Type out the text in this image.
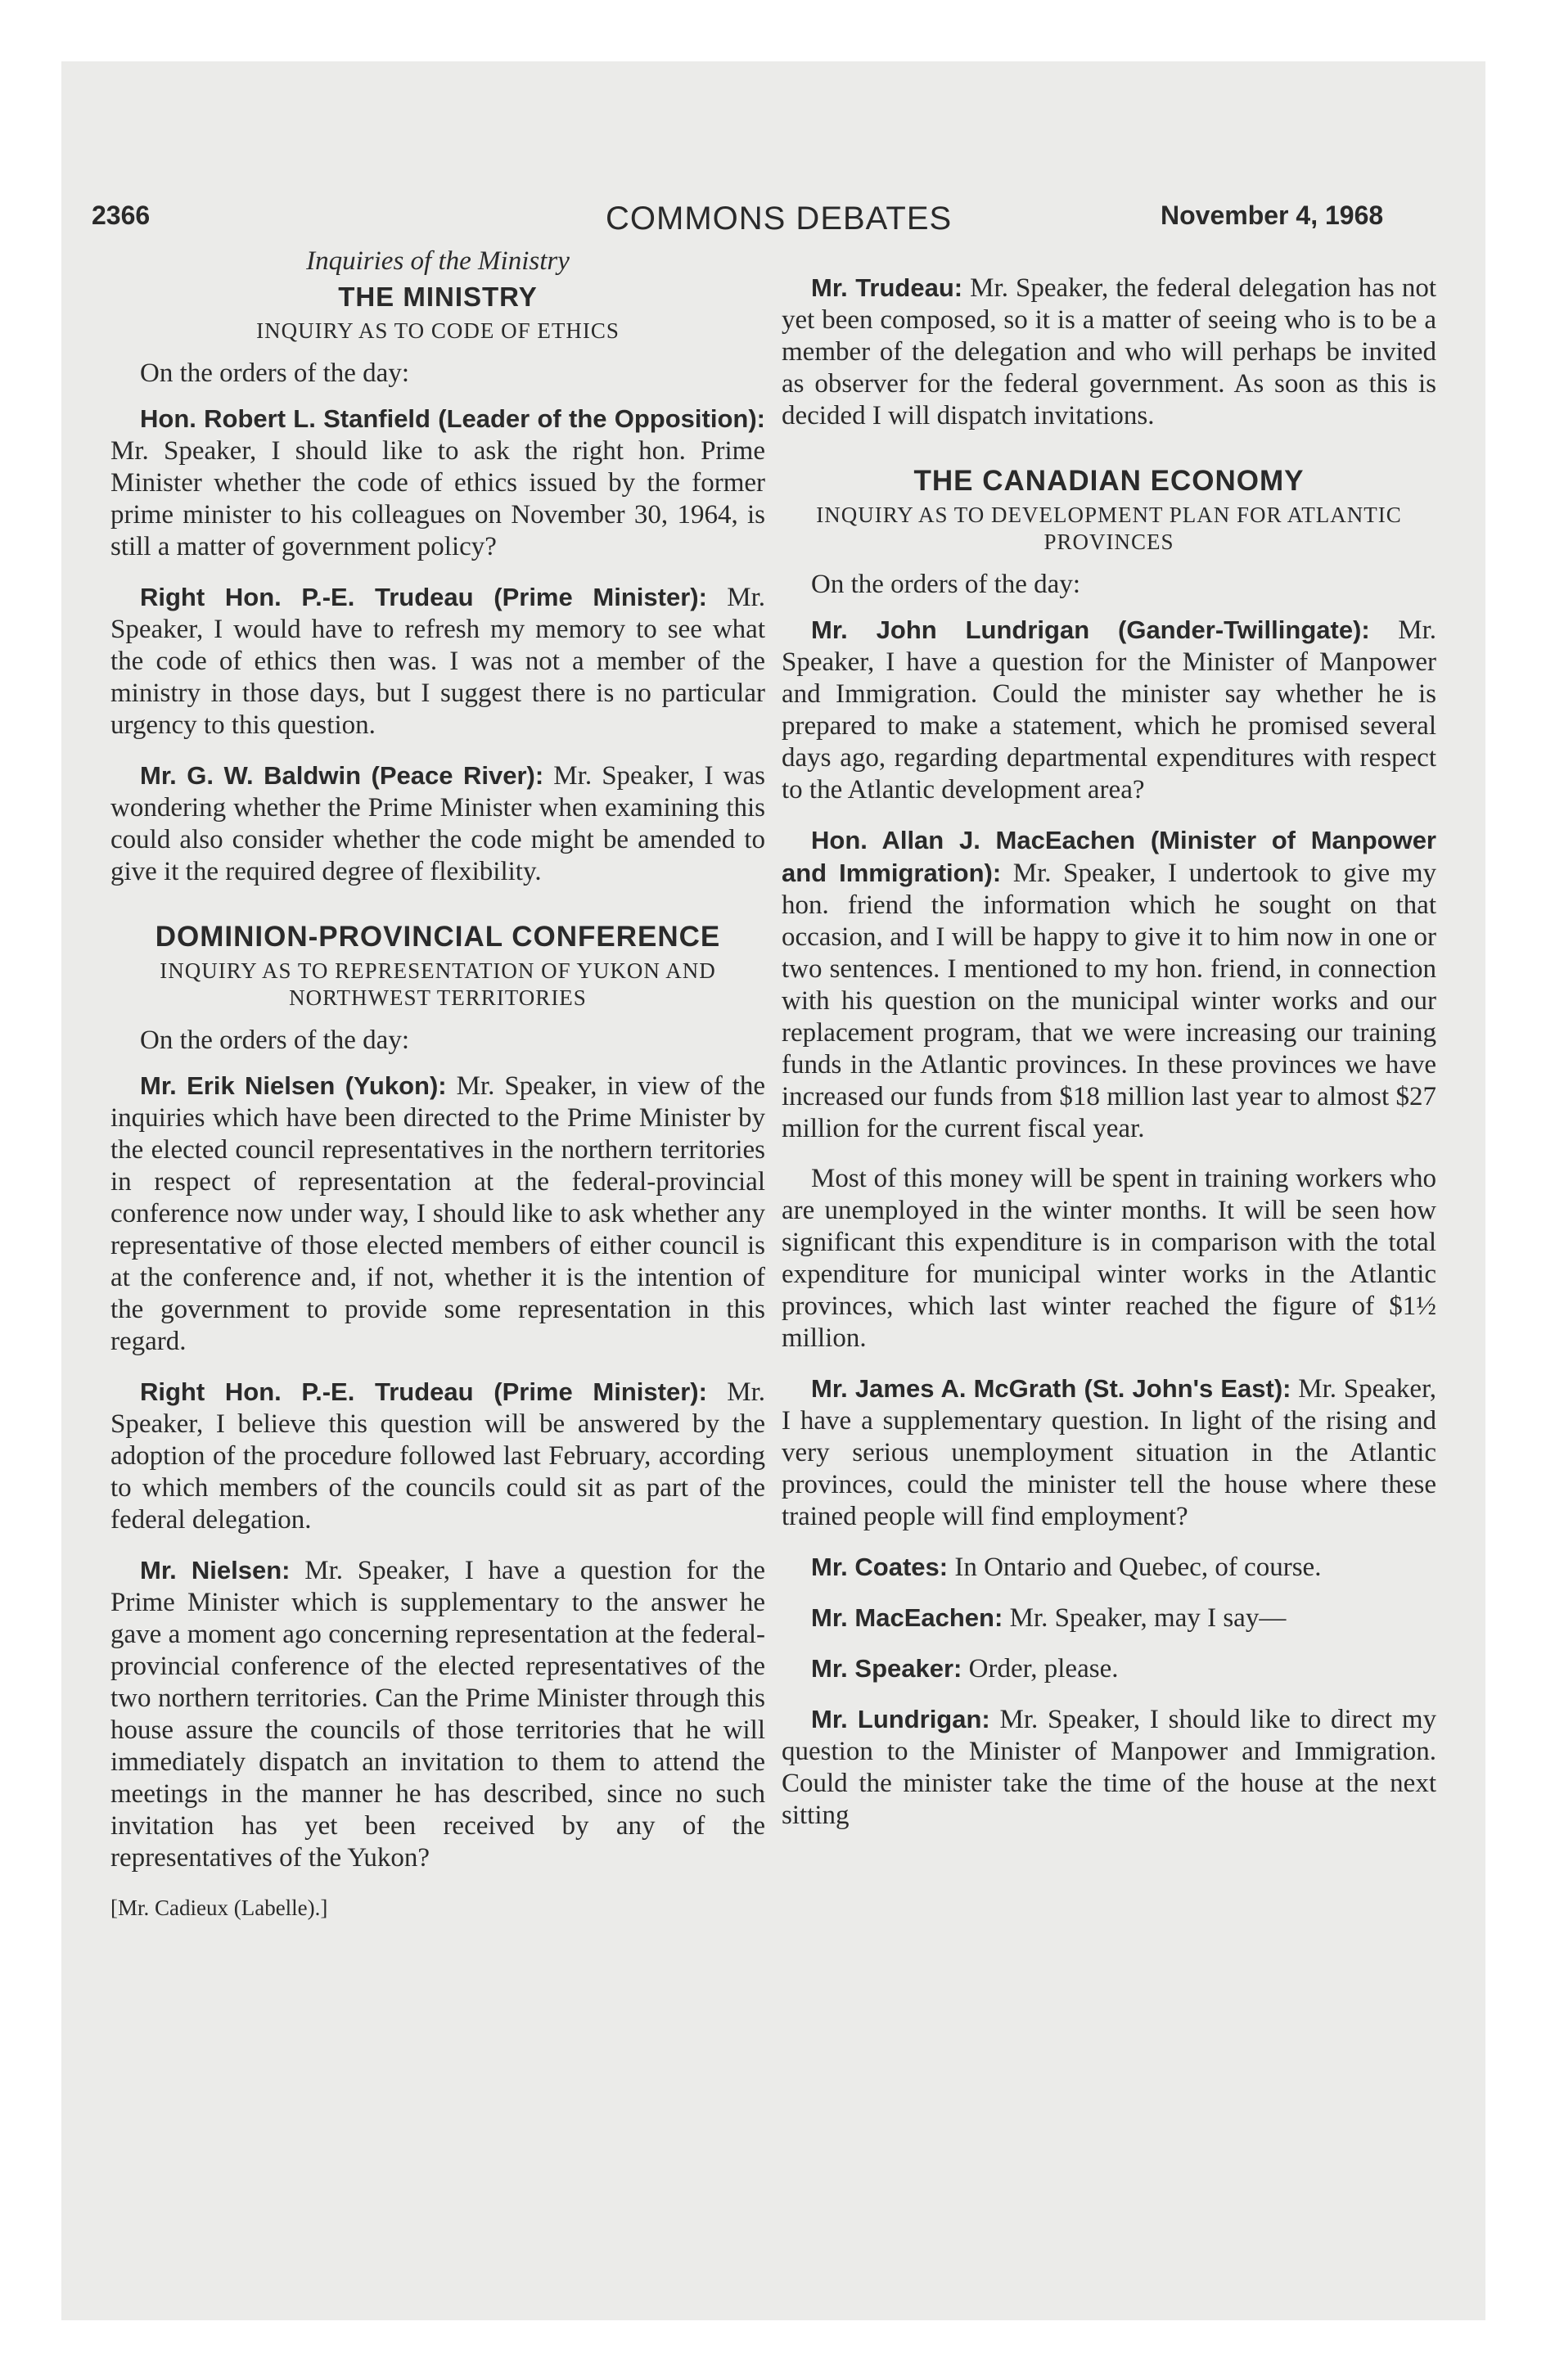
2366	COMMONS DEBATES	November 4, 1968
Inquiries of the Ministry
THE MINISTRY
INQUIRY AS TO CODE OF ETHICS

On the orders of the day:

Hon. Robert L. Stanfield (Leader of the Opposition): Mr. Speaker, I should like to ask the right hon. Prime Minister whether the code of ethics issued by the former prime minister to his colleagues on November 30, 1964, is still a matter of government policy?

Right Hon. P.-E. Trudeau (Prime Minister): Mr. Speaker, I would have to refresh my memory to see what the code of ethics then was. I was not a member of the ministry in those days, but I suggest there is no particular urgency to this question.

Mr. G. W. Baldwin (Peace River): Mr. Speaker, I was wondering whether the Prime Minister when examining this could also consider whether the code might be amended to give it the required degree of flexibility.

DOMINION-PROVINCIAL CONFERENCE
INQUIRY AS TO REPRESENTATION OF YUKON AND NORTHWEST TERRITORIES

On the orders of the day:

Mr. Erik Nielsen (Yukon): Mr. Speaker, in view of the inquiries which have been directed to the Prime Minister by the elected council representatives in the northern territories in respect of representation at the federal-provincial conference now under way, I should like to ask whether any representative of those elected members of either council is at the conference and, if not, whether it is the intention of the government to provide some representation in this regard.

Right Hon. P.-E. Trudeau (Prime Minister): Mr. Speaker, I believe this question will be answered by the adoption of the procedure followed last February, according to which members of the councils could sit as part of the federal delegation.

Mr. Nielsen: Mr. Speaker, I have a question for the Prime Minister which is supplementary to the answer he gave a moment ago concerning representation at the federal-provincial conference of the elected representatives of the two northern territories. Can the Prime Minister through this house assure the councils of those territories that he will immediately dispatch an invitation to them to attend the meetings in the manner he has described, since no such invitation has yet been received by any of the representatives of the Yukon?

[Mr. Cadieux (Labelle).]

Mr. Trudeau: Mr. Speaker, the federal delegation has not yet been composed, so it is a matter of seeing who is to be a member of the delegation and who will perhaps be invited as observer for the federal government. As soon as this is decided I will dispatch invitations.

THE CANADIAN ECONOMY
INQUIRY AS TO DEVELOPMENT PLAN FOR ATLANTIC PROVINCES

On the orders of the day:

Mr. John Lundrigan (Gander-Twillingate): Mr. Speaker, I have a question for the Minister of Manpower and Immigration. Could the minister say whether he is prepared to make a statement, which he promised several days ago, regarding departmental expenditures with respect to the Atlantic development area?

Hon. Allan J. MacEachen (Minister of Manpower and Immigration): Mr. Speaker, I undertook to give my hon. friend the information which he sought on that occasion, and I will be happy to give it to him now in one or two sentences. I mentioned to my hon. friend, in connection with his question on the municipal winter works and our replacement program, that we were increasing our training funds in the Atlantic provinces. In these provinces we have increased our funds from $18 million last year to almost $27 million for the current fiscal year.

Most of this money will be spent in training workers who are unemployed in the winter months. It will be seen how significant this expenditure is in comparison with the total expenditure for municipal winter works in the Atlantic provinces, which last winter reached the figure of $1½ million.

Mr. James A. McGrath (St. John's East): Mr. Speaker, I have a supplementary question. In light of the rising and very serious unemployment situation in the Atlantic provinces, could the minister tell the house where these trained people will find employment?

Mr. Coates: In Ontario and Quebec, of course.

Mr. MacEachen: Mr. Speaker, may I say—

Mr. Speaker: Order, please.

Mr. Lundrigan: Mr. Speaker, I should like to direct my question to the Minister of Manpower and Immigration. Could the minister take the time of the house at the next sitting
